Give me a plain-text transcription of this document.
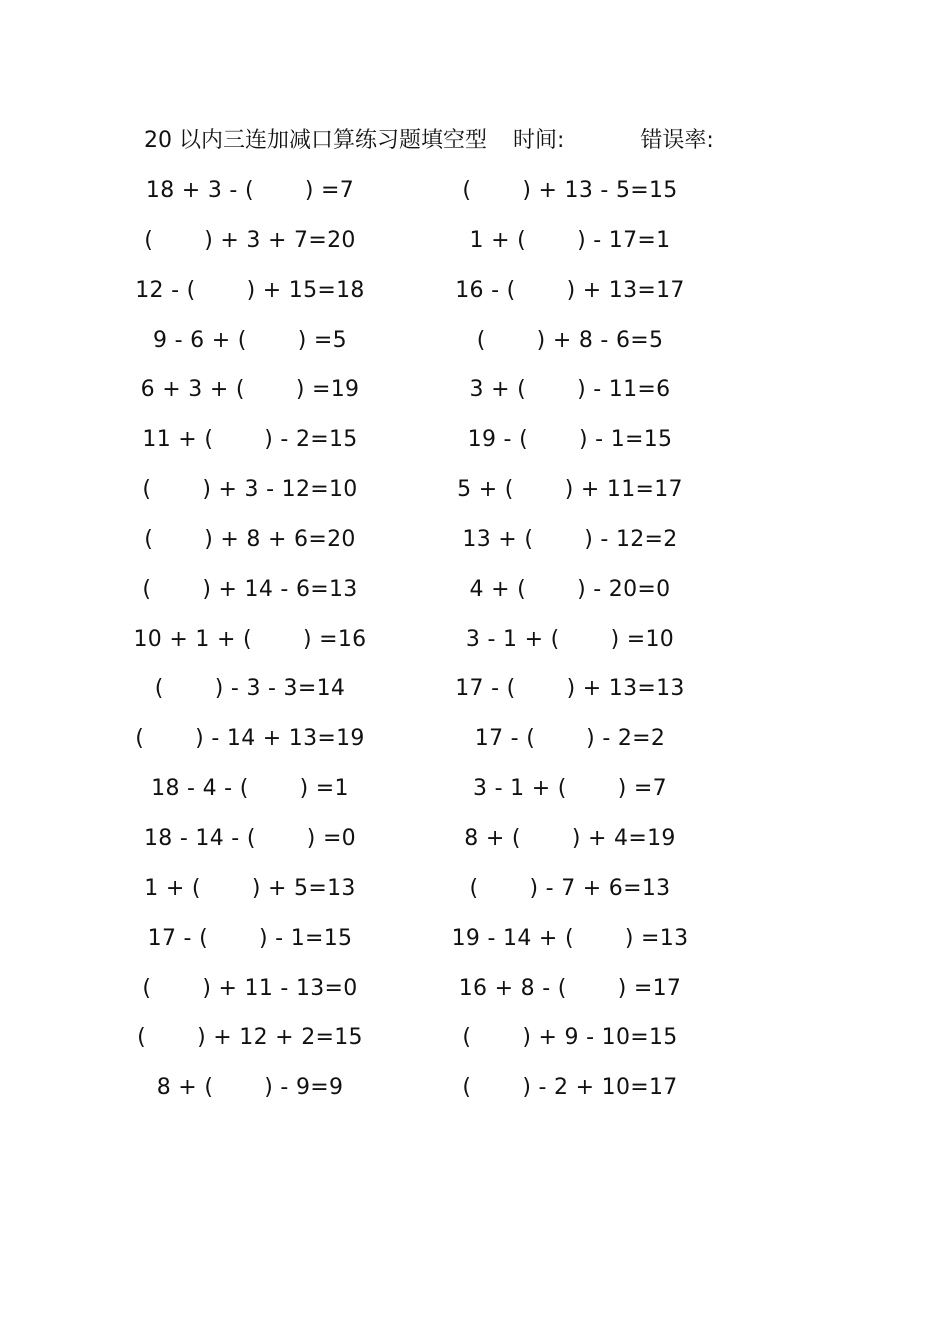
20 以内三连加减口算练习题填空型 时间:	错误率:
18 + 3 - (       ) =7
(       ) + 3 + 7=20
12 - (       ) + 15=18
9 - 6 + (       ) =5
6 + 3 + (       ) =19
11 + (       ) - 2=15
(       ) + 3 - 12=10
(       ) + 8 + 6=20
(       ) + 14 - 6=13
10 + 1 + (       ) =16
(       ) - 3 - 3=14
(       ) - 14 + 13=19
18 - 4 - (       ) =1
18 - 14 - (       ) =0
1 + (       ) + 5=13
17 - (       ) - 1=15
(       ) + 11 - 13=0
(       ) + 12 + 2=15
8 + (       ) - 9=9
(       ) + 13 - 5=15
1 + (       ) - 17=1
16 - (       ) + 13=17
(       ) + 8 - 6=5
3 + (       ) - 11=6
19 - (       ) - 1=15
5 + (       ) + 11=17
13 + (       ) - 12=2
4 + (       ) - 20=0
3 - 1 + (       ) =10
17 - (       ) + 13=13
17 - (       ) - 2=2
3 - 1 + (       ) =7
8 + (       ) + 4=19
(       ) - 7 + 6=13
19 - 14 + (       ) =13
16 + 8 - (       ) =17
(       ) + 9 - 10=15
(       ) - 2 + 10=17
